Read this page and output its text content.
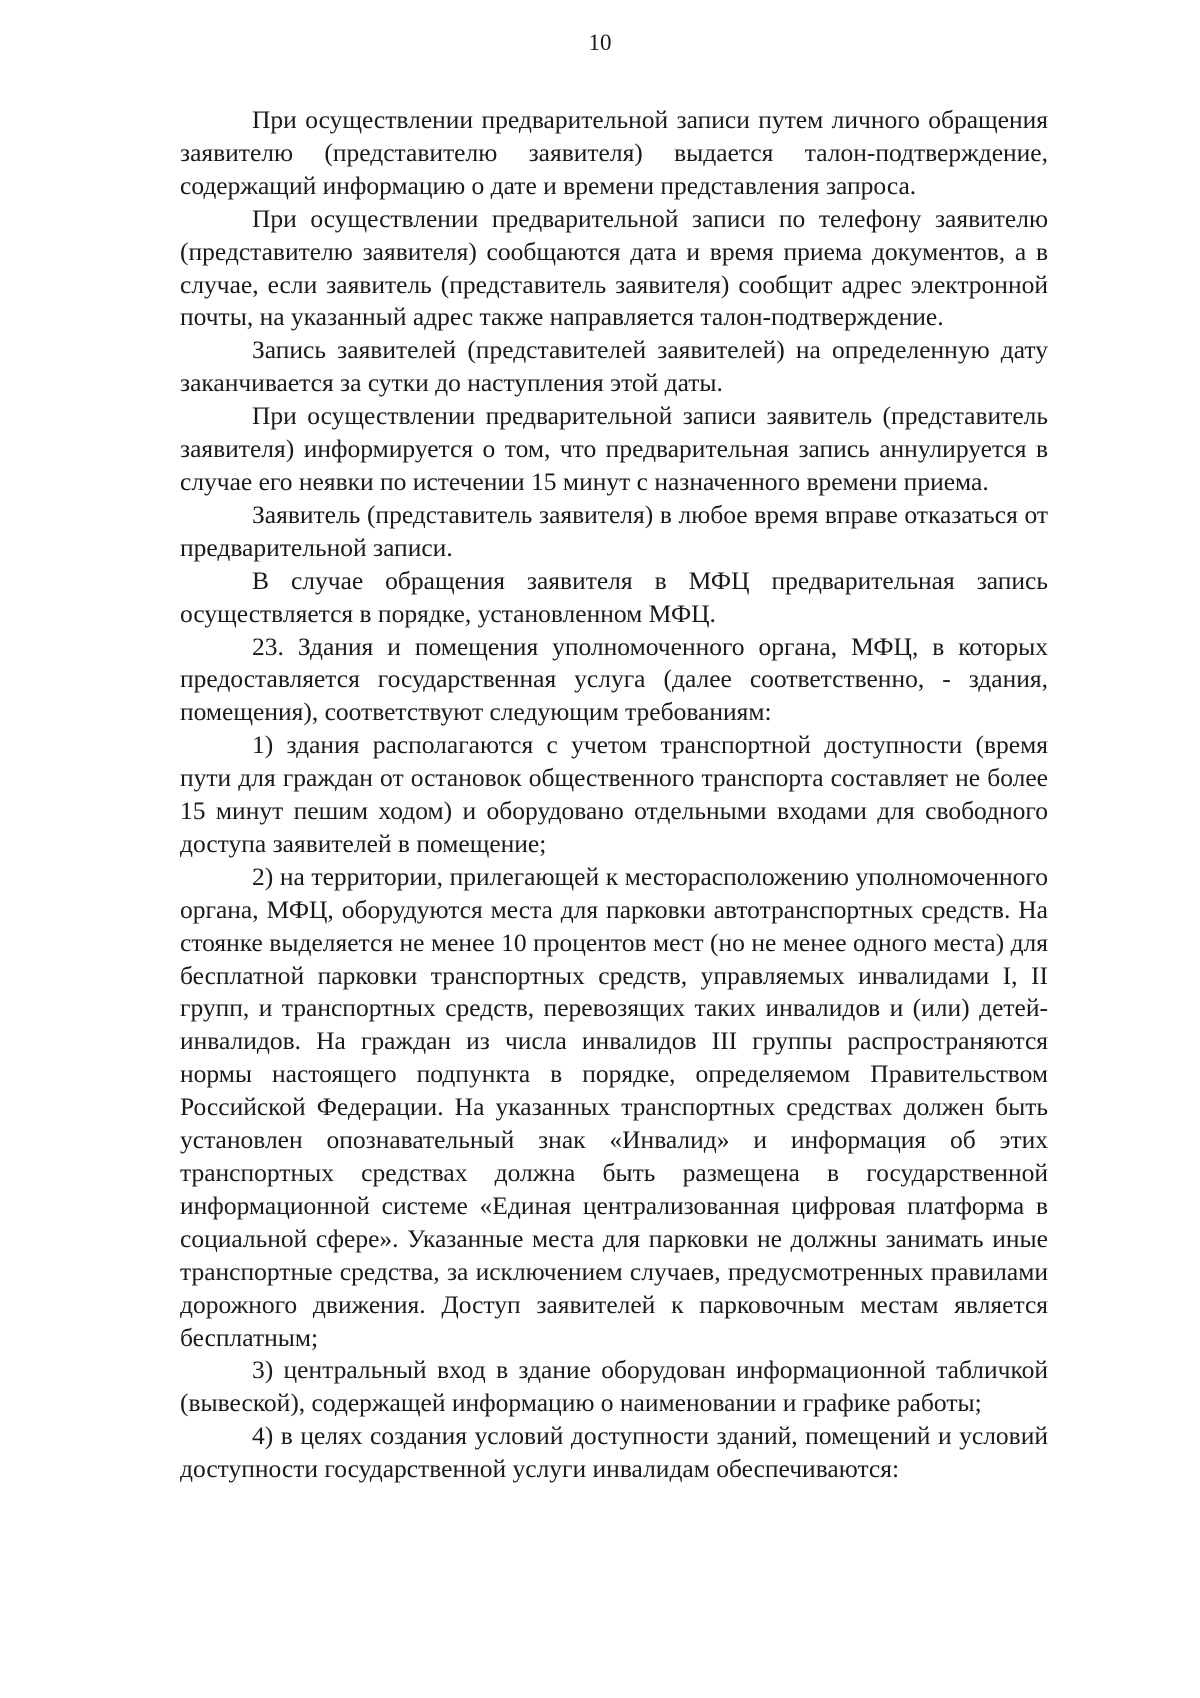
10

При осуществлении предварительной записи путем личного обращения заявителю (представителю заявителя) выдается талон-подтверждение, содержащий информацию о дате и времени представления запроса.

При осуществлении предварительной записи по телефону заявителю (представителю заявителя) сообщаются дата и время приема документов, а в случае, если заявитель (представитель заявителя) сообщит адрес электронной почты, на указанный адрес также направляется талон-подтверждение.

Запись заявителей (представителей заявителей) на определенную дату заканчивается за сутки до наступления этой даты.

При осуществлении предварительной записи заявитель (представитель заявителя) информируется о том, что предварительная запись аннулируется в случае его неявки по истечении 15 минут с назначенного времени приема.

Заявитель (представитель заявителя) в любое время вправе отказаться от предварительной записи.

В случае обращения заявителя в МФЦ предварительная запись осуществляется в порядке, установленном МФЦ.

23. Здания и помещения уполномоченного органа, МФЦ, в которых предоставляется государственная услуга (далее соответственно, - здания, помещения), соответствуют следующим требованиям:

1) здания располагаются с учетом транспортной доступности (время пути для граждан от остановок общественного транспорта составляет не более 15 минут пешим ходом) и оборудовано отдельными входами для свободного доступа заявителей в помещение;

2) на территории, прилегающей к месторасположению уполномоченного органа, МФЦ, оборудуются места для парковки автотранспортных средств. На стоянке выделяется не менее 10 процентов мест (но не менее одного места) для бесплатной парковки транспортных средств, управляемых инвалидами I, II групп, и транспортных средств, перевозящих таких инвалидов и (или) детей-инвалидов. На граждан из числа инвалидов III группы распространяются нормы настоящего подпункта в порядке, определяемом Правительством Российской Федерации. На указанных транспортных средствах должен быть установлен опознавательный знак «Инвалид» и информация об этих транспортных средствах должна быть размещена в государственной информационной системе «Единая централизованная цифровая платформа в социальной сфере». Указанные места для парковки не должны занимать иные транспортные средства, за исключением случаев, предусмотренных правилами дорожного движения. Доступ заявителей к парковочным местам является бесплатным;

3) центральный вход в здание оборудован информационной табличкой (вывеской), содержащей информацию о наименовании и графике работы;

4) в целях создания условий доступности зданий, помещений и условий доступности государственной услуги инвалидам обеспечиваются:
